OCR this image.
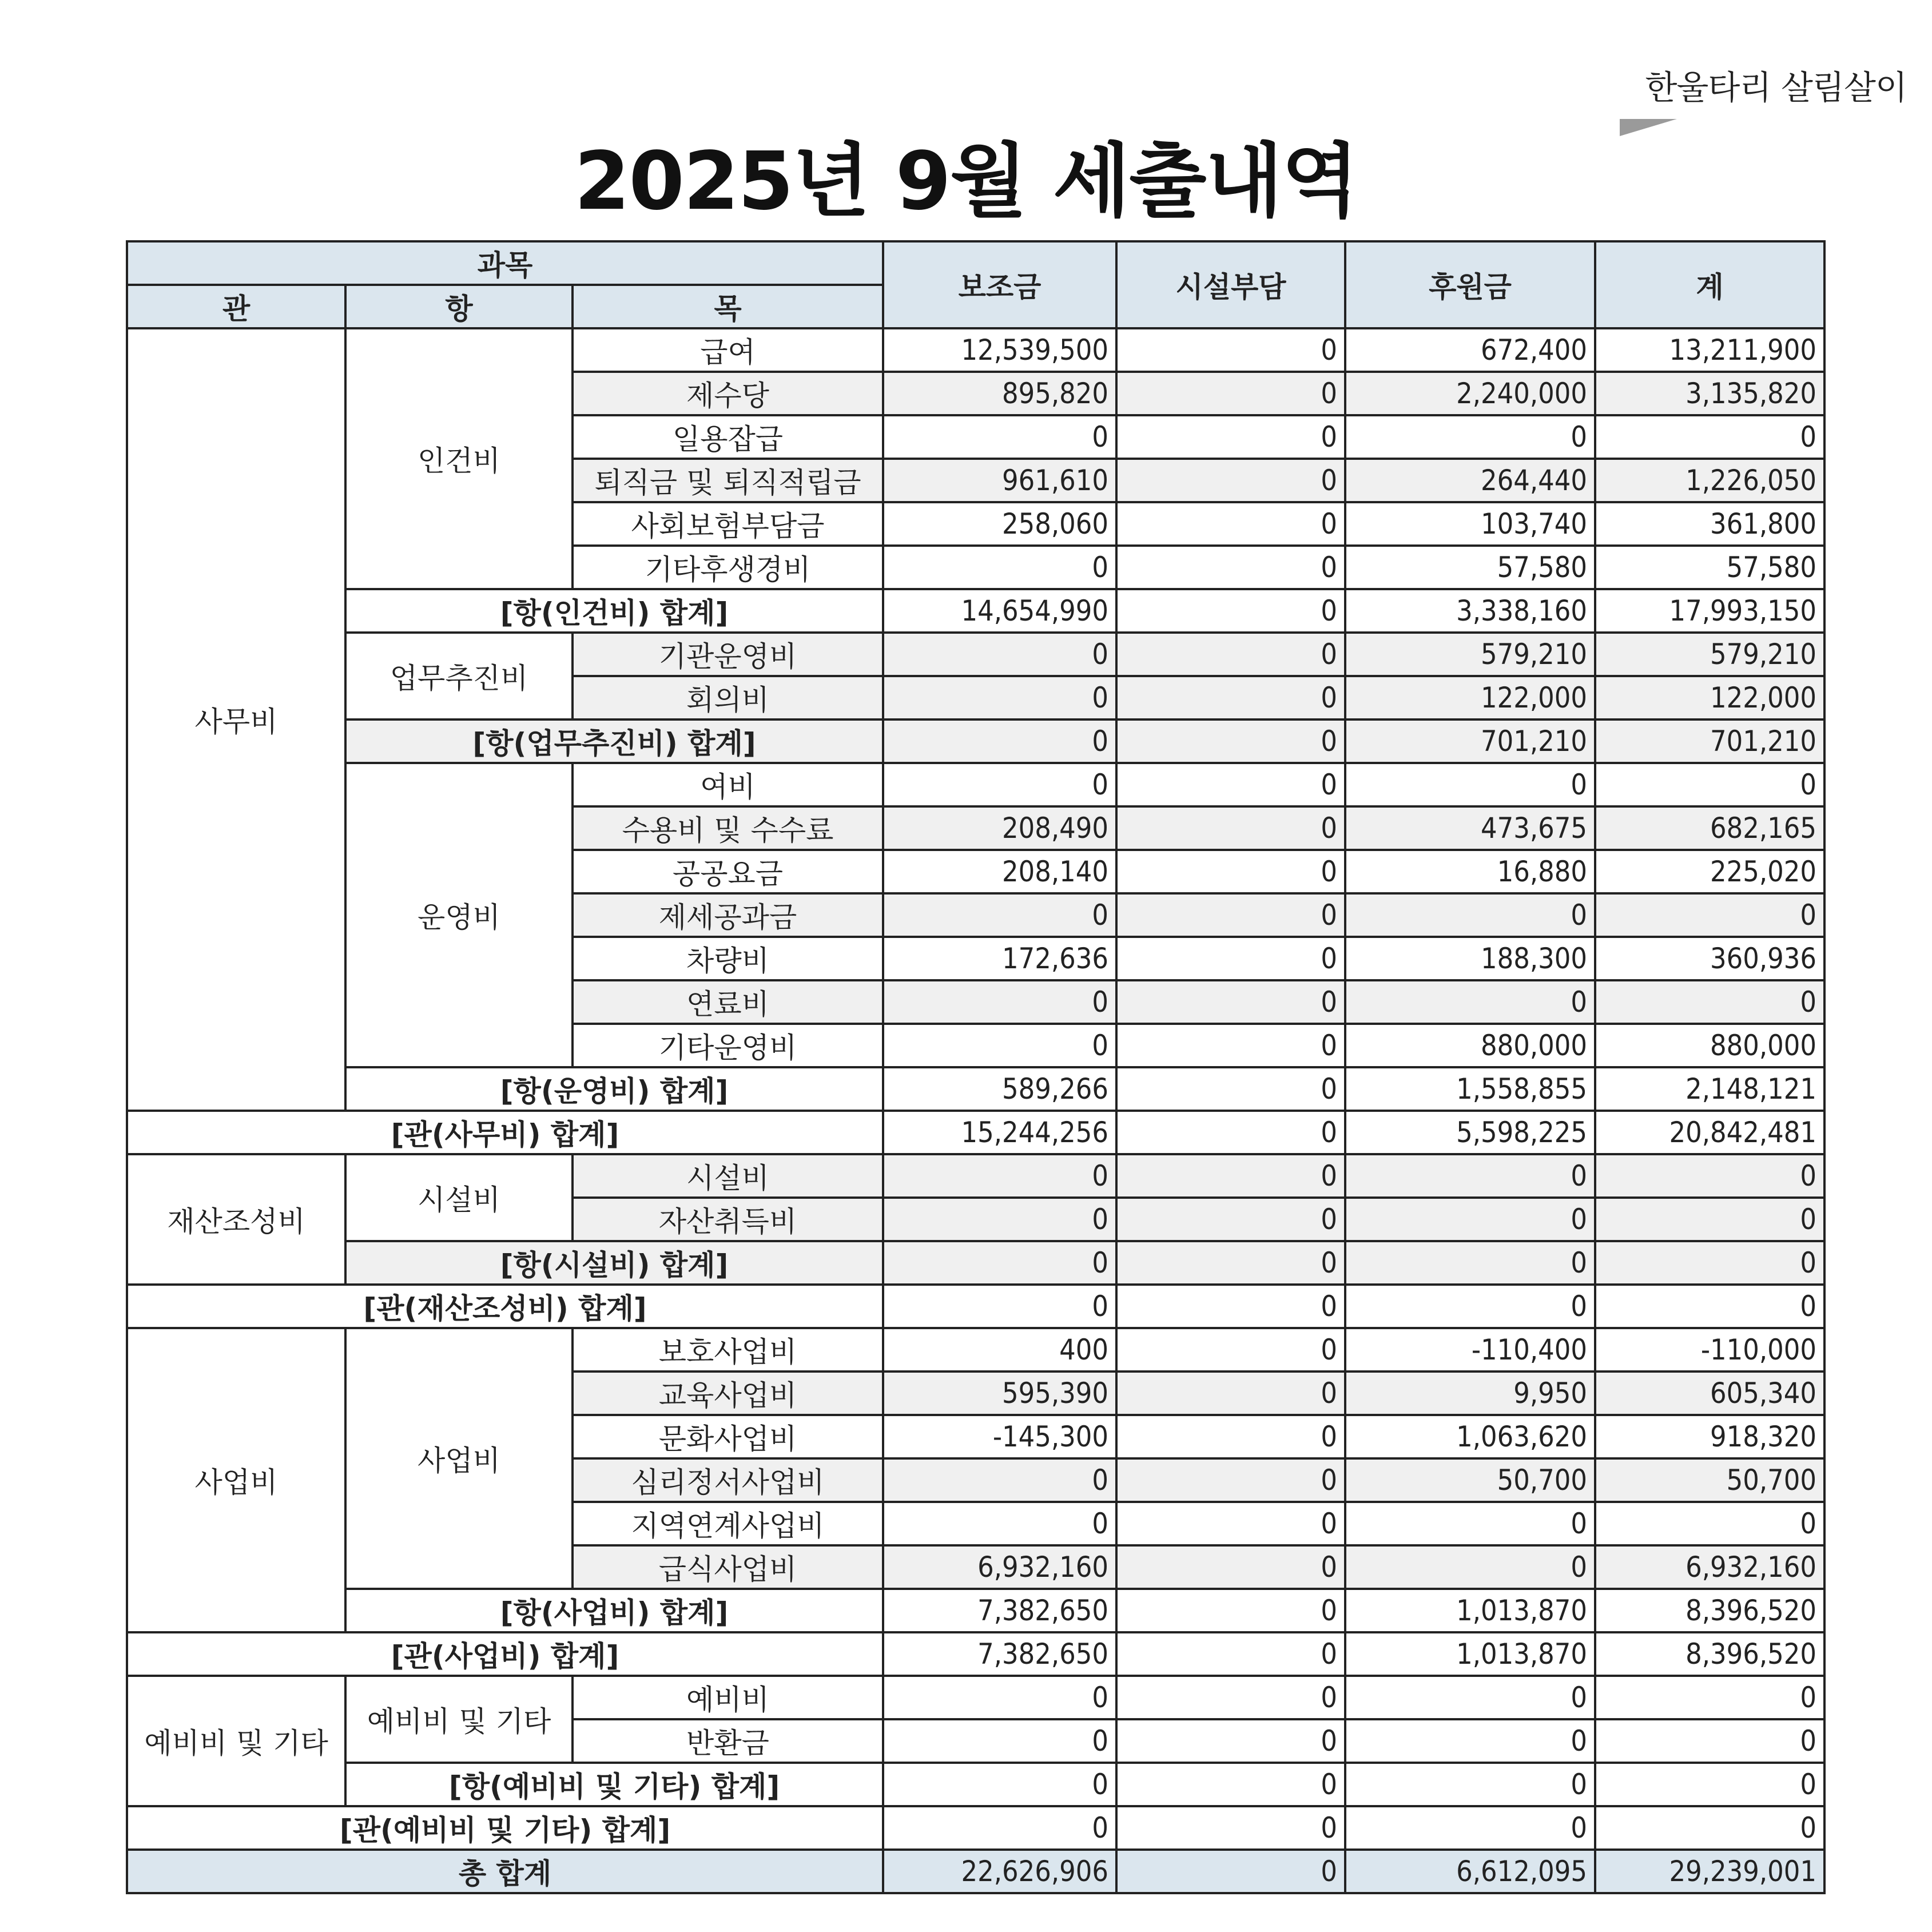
한울타리 살림살이
2025년 9월 세출내역
과목			보조금	시설부담	후원금	계
관	항	목				
사무비	인건비	급여	12,539,500	0	672,400	13,211,900
		제수당	895,820	0	2,240,000	3,135,820
		일용잡급	0	0	0	0
		퇴직금 및 퇴직적립금	961,610	0	264,440	1,226,050
		사회보험부담금	258,060	0	103,740	361,800
		기타후생경비	0	0	57,580	57,580
	[항(인건비) 합계]		14,654,990	0	3,338,160	17,993,150
	업무추진비	기관운영비	0	0	579,210	579,210
		회의비	0	0	122,000	122,000
	[항(업무추진비) 합계]		0	0	701,210	701,210
	운영비	여비	0	0	0	0
		수용비 및 수수료	208,490	0	473,675	682,165
		공공요금	208,140	0	16,880	225,020
		제세공과금	0	0	0	0
		차량비	172,636	0	188,300	360,936
		연료비	0	0	0	0
		기타운영비	0	0	880,000	880,000
	[항(운영비) 합계]		589,266	0	1,558,855	2,148,121
[관(사무비) 합계]			15,244,256	0	5,598,225	20,842,481
재산조성비	시설비	시설비	0	0	0	0
		자산취득비	0	0	0	0
	[항(시설비) 합계]		0	0	0	0
[관(재산조성비) 합계]			0	0	0	0
사업비	사업비	보호사업비	400	0	-110,400	-110,000
		교육사업비	595,390	0	9,950	605,340
		문화사업비	-145,300	0	1,063,620	918,320
		심리정서사업비	0	0	50,700	50,700
		지역연계사업비	0	0	0	0
		급식사업비	6,932,160	0	0	6,932,160
	[항(사업비) 합계]		7,382,650	0	1,013,870	8,396,520
[관(사업비) 합계]			7,382,650	0	1,013,870	8,396,520
예비비 및 기타	예비비 및 기타	예비비	0	0	0	0
		반환금	0	0	0	0
	[항(예비비 및 기타) 합계]		0	0	0	0
[관(예비비 및 기타) 합계]			0	0	0	0
총 합계			22,626,906	0	6,612,095	29,239,001
